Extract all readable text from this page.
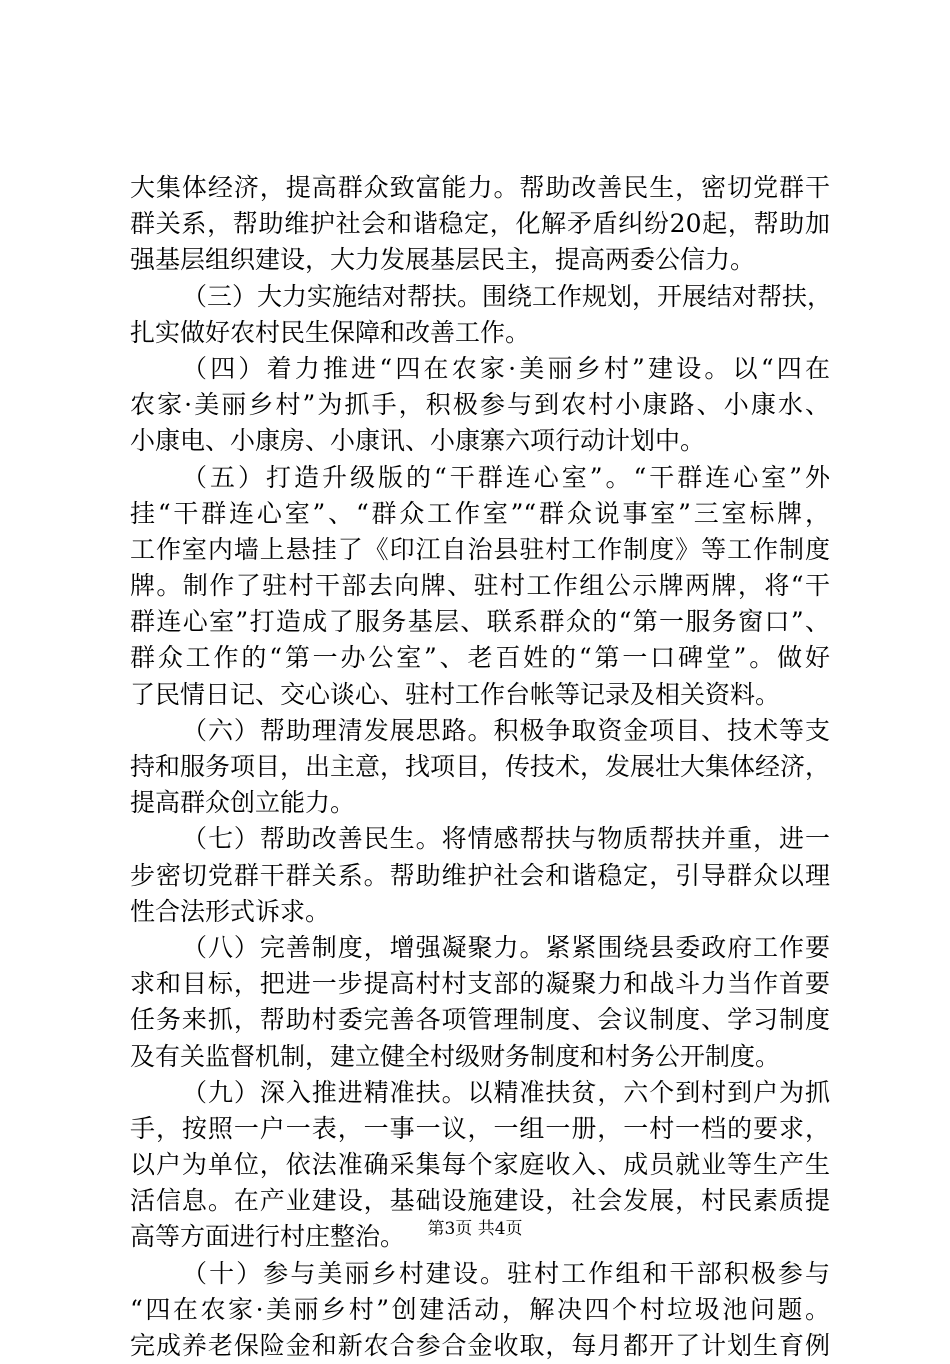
大集体经济，提高群众致富能力。帮助改善民生，密切党群干
群关系，帮助维护社会和谐稳定，化解矛盾纠纷20起，帮助加
强基层组织建设，大力发展基层民主，提高两委公信力。
（三）大力实施结对帮扶。围绕工作规划，开展结对帮扶，
扎实做好农村民生保障和改善工作。
（四）着力推进“四在农家·美丽乡村”建设。以“四在
农家·美丽乡村”为抓手，积极参与到农村小康路、小康水、
小康电、小康房、小康讯、小康寨六项行动计划中。
（五）打造升级版的“干群连心室”。“干群连心室”外
挂“干群连心室”、“群众工作室”“群众说事室”三室标牌，
工作室内墙上悬挂了《印江自治县驻村工作制度》等工作制度
牌。制作了驻村干部去向牌、驻村工作组公示牌两牌，将“干
群连心室”打造成了服务基层、联系群众的“第一服务窗口”、
群众工作的“第一办公室”、老百姓的“第一口碑堂”。做好
了民情日记、交心谈心、驻村工作台帐等记录及相关资料。
（六）帮助理清发展思路。积极争取资金项目、技术等支
持和服务项目，出主意，找项目，传技术，发展壮大集体经济，
提高群众创立能力。
（七）帮助改善民生。将情感帮扶与物质帮扶并重，进一
步密切党群干群关系。帮助维护社会和谐稳定，引导群众以理
性合法形式诉求。
（八）完善制度，增强凝聚力。紧紧围绕县委政府工作要
求和目标，把进一步提高村村支部的凝聚力和战斗力当作首要
任务来抓，帮助村委完善各项管理制度、会议制度、学习制度
及有关监督机制，建立健全村级财务制度和村务公开制度。
（九）深入推进精准扶。以精准扶贫，六个到村到户为抓
手，按照一户一表，一事一议，一组一册，一村一档的要求，
以户为单位，依法准确采集每个家庭收入、成员就业等生产生
活信息。在产业建设，基础设施建设，社会发展，村民素质提
高等方面进行村庄整治。
（十）参与美丽乡村建设。驻村工作组和干部积极参与
“四在农家·美丽乡村”创建活动，解决四个村垃圾池问题。
完成养老保险金和新农合参合金收取，每月都开了计划生育例
第3页 共4页
